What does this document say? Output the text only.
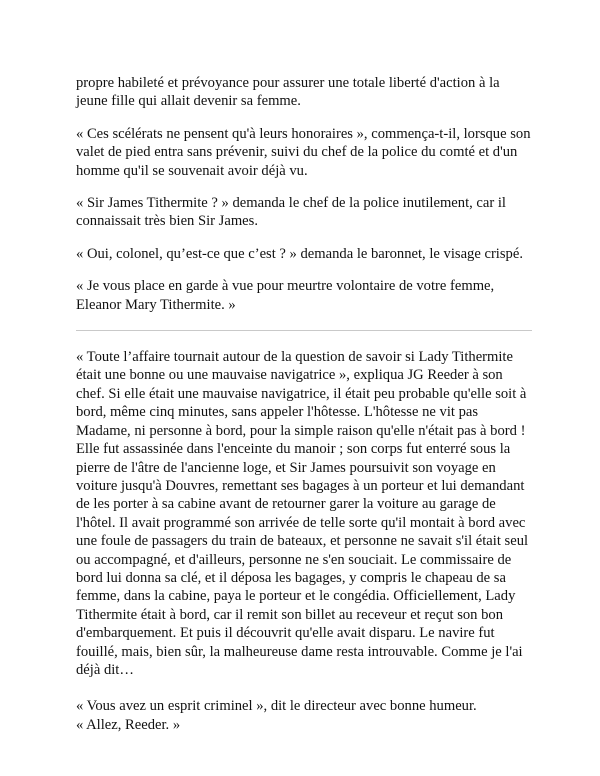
propre habileté et prévoyance pour assurer une totale liberté d'action à la jeune fille qui allait devenir sa femme.

« Ces scélérats ne pensent qu'à leurs honoraires », commença-t-il, lorsque son valet de pied entra sans prévenir, suivi du chef de la police du comté et d'un homme qu'il se souvenait avoir déjà vu.

« Sir James Tithermite ? » demanda le chef de la police inutilement, car il connaissait très bien Sir James.

« Oui, colonel, qu’est-ce que c’est ? » demanda le baronnet, le visage crispé.

« Je vous place en garde à vue pour meurtre volontaire de votre femme, Eleanor Mary Tithermite. »

« Toute l’affaire tournait autour de la question de savoir si Lady Tithermite était une bonne ou une mauvaise navigatrice », expliqua JG Reeder à son chef. Si elle était une mauvaise navigatrice, il était peu probable qu'elle soit à bord, même cinq minutes, sans appeler l'hôtesse. L'hôtesse ne vit pas Madame, ni personne à bord, pour la simple raison qu'elle n'était pas à bord ! Elle fut assassinée dans l'enceinte du manoir ; son corps fut enterré sous la pierre de l'âtre de l'ancienne loge, et Sir James poursuivit son voyage en voiture jusqu'à Douvres, remettant ses bagages à un porteur et lui demandant de les porter à sa cabine avant de retourner garer la voiture au garage de l'hôtel. Il avait programmé son arrivée de telle sorte qu'il montait à bord avec une foule de passagers du train de bateaux, et personne ne savait s'il était seul ou accompagné, et d'ailleurs, personne ne s'en souciait. Le commissaire de bord lui donna sa clé, et il déposa les bagages, y compris le chapeau de sa femme, dans la cabine, paya le porteur et le congédia. Officiellement, Lady Tithermite était à bord, car il remit son billet au receveur et reçut son bon d'embarquement. Et puis il découvrit qu'elle avait disparu. Le navire fut fouillé, mais, bien sûr, la malheureuse dame resta introuvable. Comme je l'ai déjà dit…

« Vous avez un esprit criminel », dit le directeur avec bonne humeur.
« Allez, Reeder. »
